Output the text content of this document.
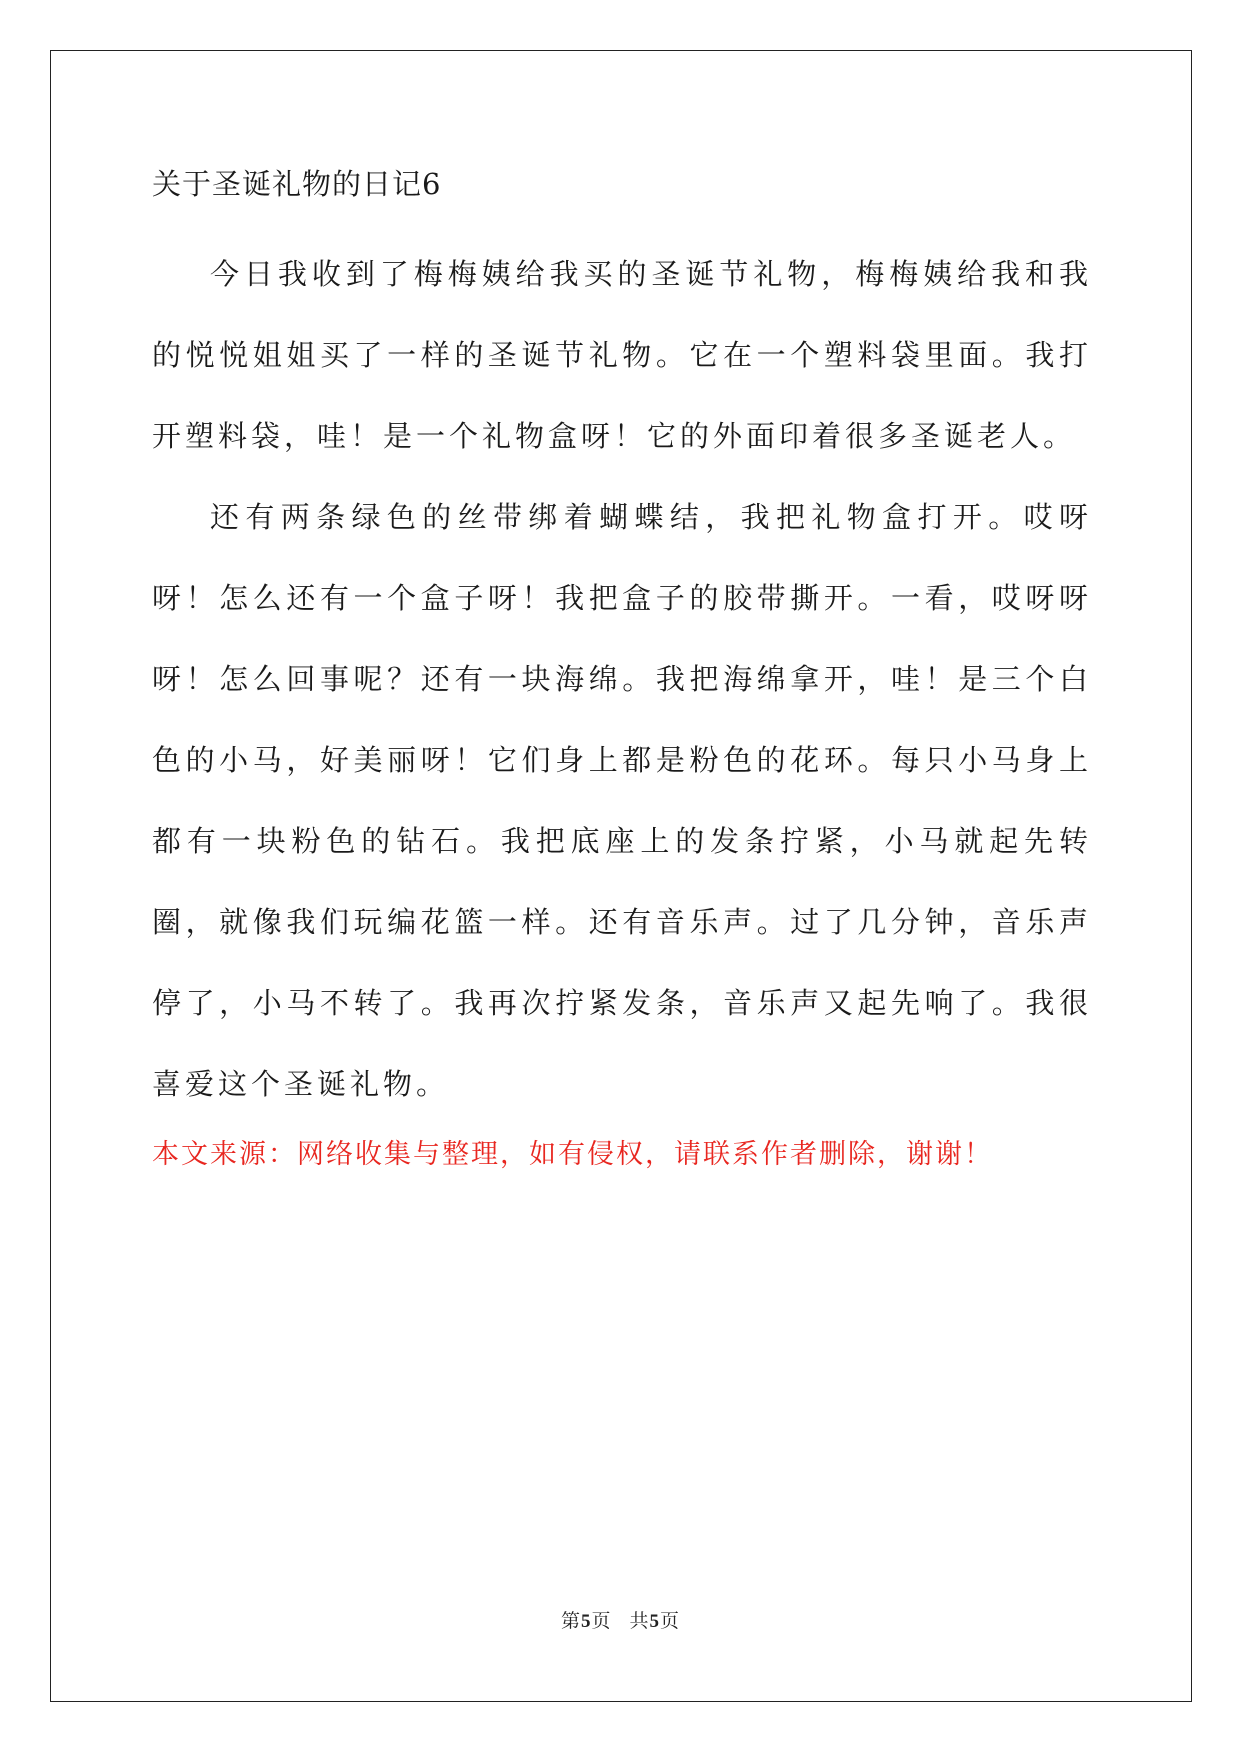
关于圣诞礼物的日记6

今日我收到了梅梅姨给我买的圣诞节礼物，梅梅姨给我和我的悦悦姐姐买了一样的圣诞节礼物。它在一个塑料袋里面。我打开塑料袋，哇！是一个礼物盒呀！它的外面印着很多圣诞老人。

还有两条绿色的丝带绑着蝴蝶结，我把礼物盒打开。哎呀呀！怎么还有一个盒子呀！我把盒子的胶带撕开。一看，哎呀呀呀！怎么回事呢？还有一块海绵。我把海绵拿开，哇！是三个白色的小马，好美丽呀！它们身上都是粉色的花环。每只小马身上都有一块粉色的钻石。我把底座上的发条拧紧，小马就起先转圈，就像我们玩编花篮一样。还有音乐声。过了几分钟，音乐声停了，小马不转了。我再次拧紧发条，音乐声又起先响了。我很喜爱这个圣诞礼物。

本文来源：网络收集与整理，如有侵权，请联系作者删除，谢谢！

第5页 共5页
